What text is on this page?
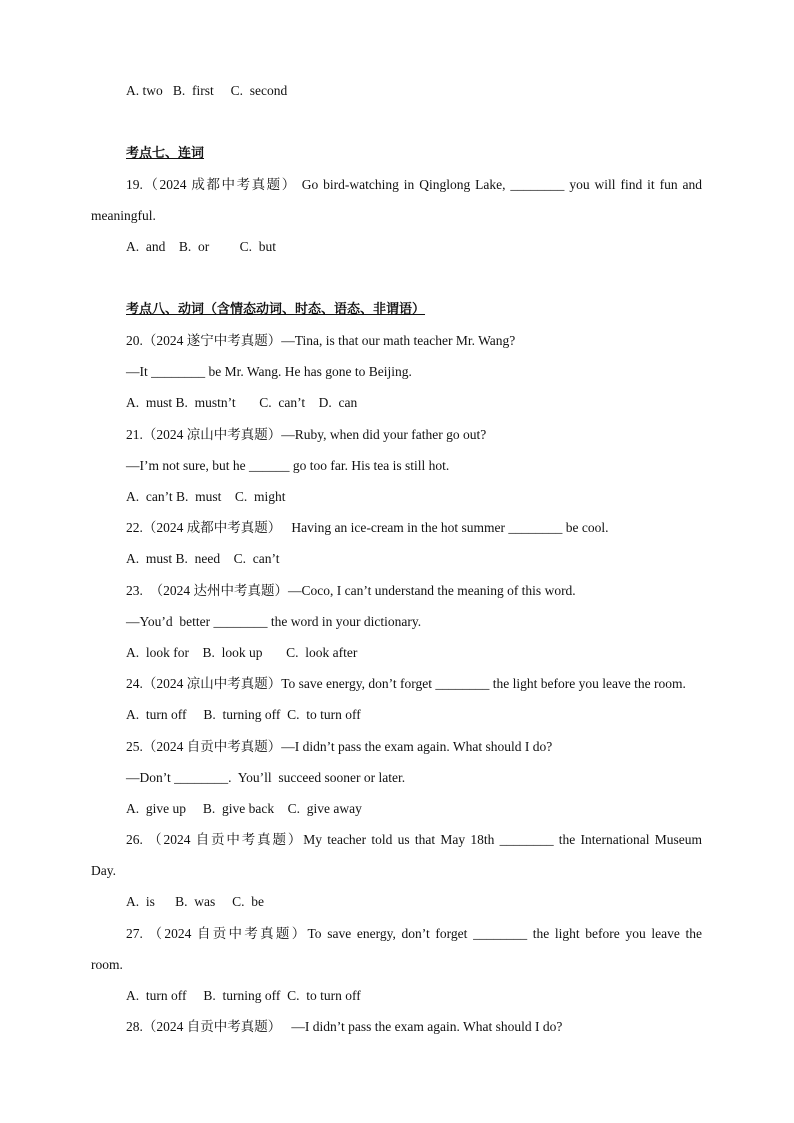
A. two   B.  first     C.  second
考点七、连词
19.（2024 成都中考真题） Go bird-watching in Qinglong Lake, ________ you will find it fun and
meaningful.
A.  and    B.  or         C.  but
考点八、动词（含情态动词、时态、语态、非谓语）
20.（2024 遂宁中考真题）—Tina, is that our math teacher Mr. Wang?
—It ________ be Mr. Wang. He has gone to Beijing.
A.  must B.  mustn’t       C.  can’t    D.  can
21.（2024 凉山中考真题）—Ruby, when did your father go out?
—I’m not sure, but he ______ go too far. His tea is still hot.
A.  can’t B.  must    C.  might
22.（2024 成都中考真题）   Having an ice-cream in the hot summer ________ be cool.
A.  must B.  need    C.  can’t
23.  （2024 达州中考真题）—Coco, I can’t understand the meaning of this word.
—You’d  better ________ the word in your dictionary.
A.  look for    B.  look up       C.  look after
24.（2024 凉山中考真题）To save energy, don’t forget ________ the light before you leave the room.
A.  turn off     B.  turning off  C.  to turn off
25.（2024 自贡中考真题）—I didn’t pass the exam again. What should I do?
—Don’t ________.  You’ll  succeed sooner or later.
A.  give up     B.  give back    C.  give away
26. （2024 自贡中考真题）My teacher told us that May 18th ________ the International Museum
Day.
A.  is      B.  was     C.  be
27. （2024 自贡中考真题）To save energy, don’t forget ________ the light before you leave the
room.
A.  turn off     B.  turning off  C.  to turn off
28.（2024 自贡中考真题）   —I didn’t pass the exam again. What should I do?
